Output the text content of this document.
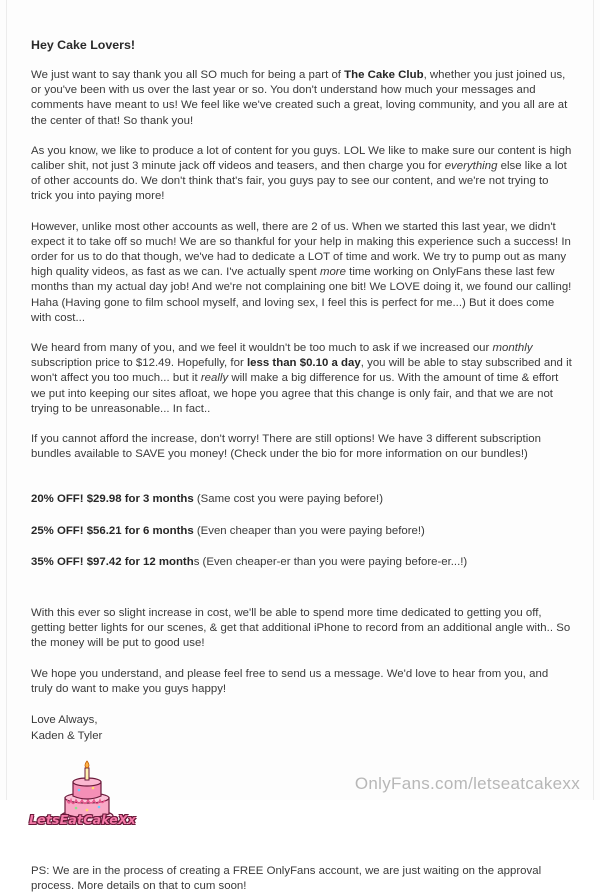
Hey Cake Lovers!

We just want to say thank you all SO much for being a part of The Cake Club, whether you just joined us, or you've been with us over the last year or so. You don't understand how much your messages and comments have meant to us! We feel like we've created such a great, loving community, and you all are at the center of that! So thank you!

As you know, we like to produce a lot of content for you guys. LOL We like to make sure our content is high caliber shit, not just 3 minute jack off videos and teasers, and then charge you for everything else like a lot of other accounts do. We don't think that's fair, you guys pay to see our content, and we're not trying to trick you into paying more!

However, unlike most other accounts as well, there are 2 of us. When we started this last year, we didn't expect it to take off so much! We are so thankful for your help in making this experience such a success! In order for us to do that though, we've had to dedicate a LOT of time and work. We try to pump out as many high quality videos, as fast as we can. I've actually spent more time working on OnlyFans these last few months than my actual day job! And we're not complaining one bit! We LOVE doing it, we found our calling! Haha (Having gone to film school myself, and loving sex, I feel this is perfect for me...) But it does come with cost...

We heard from many of you, and we feel it wouldn't be too much to ask if we increased our monthly subscription price to $12.49. Hopefully, for less than $0.10 a day, you will be able to stay subscribed and it won't affect you too much... but it really will make a big difference for us. With the amount of time & effort we put into keeping our sites afloat, we hope you agree that this change is only fair, and that we are not trying to be unreasonable... In fact..

If you cannot afford the increase, don't worry! There are still options! We have 3 different subscription bundles available to SAVE you money! (Check under the bio for more information on our bundles!)

20% OFF! $29.98 for 3 months (Same cost you were paying before!)
25% OFF! $56.21 for 6 months (Even cheaper than you were paying before!)
35% OFF! $97.42 for 12 months (Even cheaper-er than you were paying before-er...!)

With this ever so slight increase in cost, we'll be able to spend more time dedicated to getting you off, getting better lights for our scenes, & get that additional iPhone to record from an additional angle with.. So the money will be put to good use!

We hope you understand, and please feel free to send us a message. We'd love to hear from you, and truly do want to make you guys happy!

Love Always,
Kaden & Tyler
LetsEatCakeXx

PS: We are in the process of creating a FREE OnlyFans account, we are just waiting on the approval process. More details on that to cum soon!

OnlyFans.com/letseatcakexx
